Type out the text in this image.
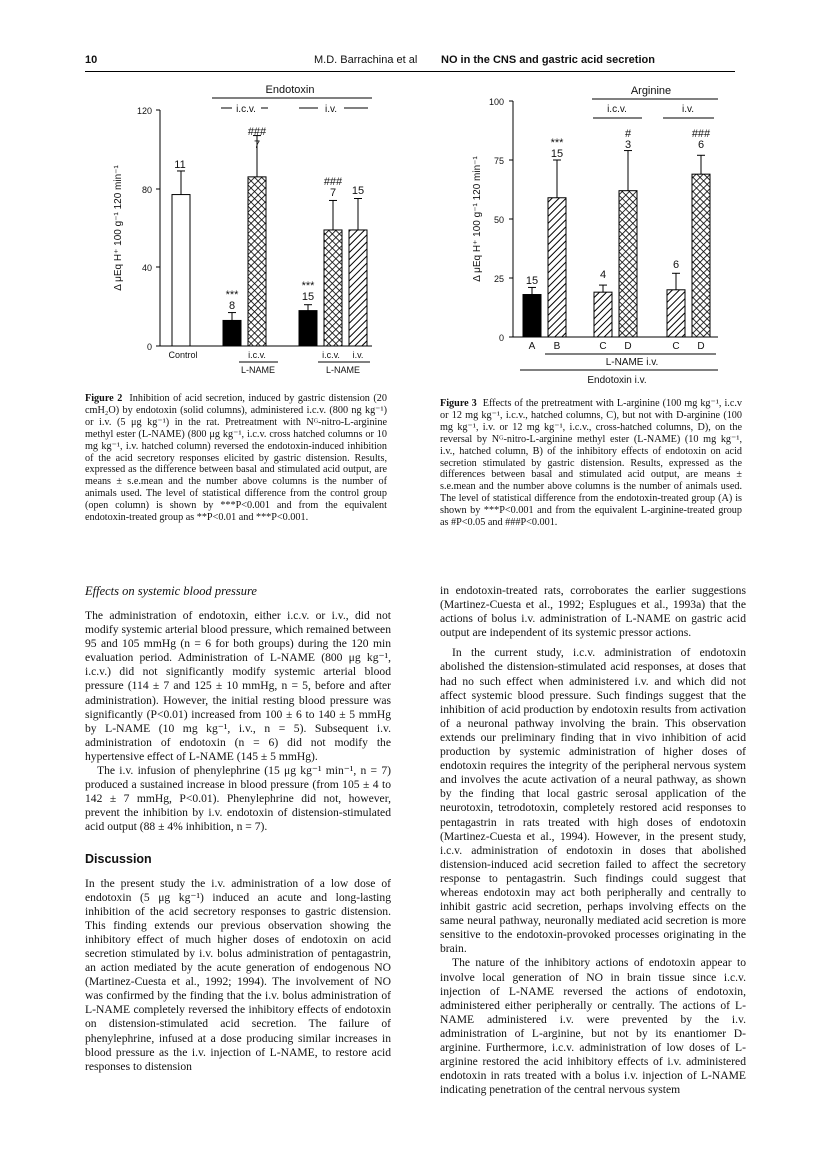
10	M.D. Barrachina et al NO in the CNS and gastric acid secretion
120
80
40
0
Δ μEq H⁺ 100 g⁻¹ 120 min⁻¹
11
***
8
###
7
***
15
###
7 15
Endotoxin
i.c.v.	i.v.
Control	i.c.v.
L-NAME
i.c.v. i.v.
L-NAME
100
75
50
25
0
Δ μEq H⁺ 100 g⁻¹ 120 min⁻¹	15
***
15
4
#
3
6
###
6
Arginine
i.c.v.	i.v.
A B	C D	C D
L-NAME i.v.
Endotoxin i.v.
Figure 2 Inhibition of acid secretion, induced by gastric distension (20 cmH₂O) by endotoxin (solid columns), administered i.c.v. (800 ng kg⁻¹) or i.v. (5 μg kg⁻¹) in the rat. Pretreatment with Nᴳ-nitro-L-arginine methyl ester (L-NAME) (800 μg kg⁻¹, i.c.v. cross hatched columns or 10 mg kg⁻¹, i.v. hatched column) reversed the endotoxin-induced inhibition of the acid secretory responses elicited by gastric distension. Results, expressed as the difference between basal and stimulated acid output, are means ± s.e.mean and the number above columns is the number of animals used. The level of statistical difference from the control group (open column) is shown by ***P<0.001 and from the equivalent endotoxin-treated group as **P<0.01 and ***P<0.001.
Figure 3 Effects of the pretreatment with L-arginine (100 mg kg⁻¹, i.c.v or 12 mg kg⁻¹, i.c.v., hatched columns, C), but not with D-arginine (100 mg kg⁻¹, i.v. or 12 mg kg⁻¹, i.c.v., cross-hatched columns, D), on the reversal by Nᴳ-nitro-L-arginine methyl ester (L-NAME) (10 mg kg⁻¹, i.v., hatched column, B) of the inhibitory effects of endotoxin on acid secretion stimulated by gastric distension. Results, expressed as the differences between basal and stimulated acid output, are means ± s.e.mean and the number above columns is the number of animals used. The level of statistical difference from the endotoxin-treated group (A) is shown by ***P<0.001 and from the equivalent L-arginine-treated group as #P<0.05 and ###P<0.001.
Effects on systemic blood pressure

The administration of endotoxin, either i.c.v. or i.v., did not modify systemic arterial blood pressure, which remained between 95 and 105 mmHg (n = 6 for both groups) during the 120 min evaluation period. Administration of L-NAME (800 μg kg⁻¹, i.c.v.) did not significantly modify systemic arterial blood pressure (114 ± 7 and 125 ± 10 mmHg, n = 5, before and after administration). However, the initial resting blood pressure was significantly (P<0.01) increased from 100 ± 6 to 140 ± 5 mmHg by L-NAME (10 mg kg⁻¹, i.v., n = 5). Subsequent i.v. administration of endotoxin (n = 6) did not modify the hypertensive effect of L-NAME (145 ± 5 mmHg).

The i.v. infusion of phenylephrine (15 μg kg⁻¹ min⁻¹, n = 7) produced a sustained increase in blood pressure (from 105 ± 4 to 142 ± 7 mmHg, P<0.01). Phenylephrine did not, however, prevent the inhibition by i.v. endotoxin of distension-stimulated acid output (88 ± 4% inhibition, n = 7).

Discussion

In the present study the i.v. administration of a low dose of endotoxin (5 μg kg⁻¹) induced an acute and long-lasting inhibition of the acid secretory responses to gastric distension. This finding extends our previous observation showing the inhibitory effect of much higher doses of endotoxin on acid secretion stimulated by i.v. bolus administration of pentagastrin, an action mediated by the acute generation of endogenous NO (Martinez-Cuesta et al., 1992; 1994). The involvement of NO was confirmed by the finding that the i.v. bolus administration of L-NAME completely reversed the inhibitory effects of endotoxin on distension-stimulated acid secretion. The failure of phenylephrine, infused at a dose producing similar increases in blood pressure as the i.v. injection of L-NAME, to restore acid responses to distension

in endotoxin-treated rats, corroborates the earlier suggestions (Martinez-Cuesta et al., 1992; Esplugues et al., 1993a) that the actions of bolus i.v. administration of L-NAME on gastric acid output are independent of its systemic pressor actions.

In the current study, i.c.v. administration of endotoxin abolished the distension-stimulated acid responses, at doses that had no such effect when administered i.v. and which did not affect systemic blood pressure. Such findings suggest that the inhibition of acid production by endotoxin results from activation of a neuronal pathway involving the brain. This observation extends our preliminary finding that in vivo inhibition of acid production by systemic administration of higher doses of endotoxin requires the integrity of the peripheral nervous system and involves the acute activation of a neural pathway, as shown by the finding that local gastric serosal application of the neurotoxin, tetrodotoxin, completely restored acid responses to pentagastrin in rats treated with high doses of endotoxin (Martinez-Cuesta et al., 1994). However, in the present study, i.c.v. administration of endotoxin in doses that abolished distension-induced acid secretion failed to affect the secretory response to pentagastrin. Such findings could suggest that whereas endotoxin may act both peripherally and centrally to inhibit gastric acid secretion, perhaps involving effects on the same neural pathway, neuronally mediated acid secretion is more sensitive to the endotoxin-provoked processes originating in the brain.

The nature of the inhibitory actions of endotoxin appear to involve local generation of NO in brain tissue since i.c.v. injection of L-NAME reversed the actions of endotoxin, administered either peripherally or centrally. The actions of L-NAME administered i.v. were prevented by the i.v. administration of L-arginine, but not by its enantiomer D-arginine. Furthermore, i.c.v. administration of low doses of L-arginine restored the acid inhibitory effects of i.v. administered endotoxin in rats treated with a bolus i.v. injection of L-NAME indicating penetration of the central nervous system
